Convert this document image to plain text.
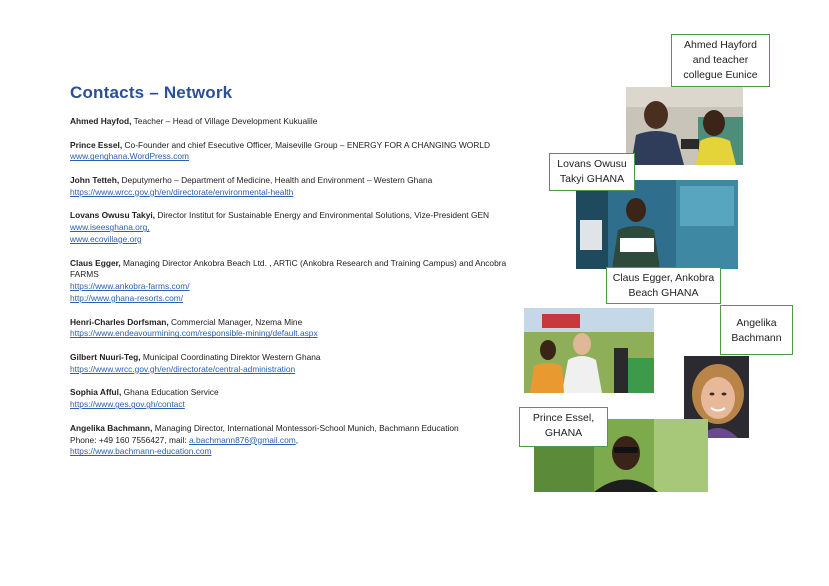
Contacts – Network
Ahmed Hayfod, Teacher – Head of Village Development Kukualile
Prince Essel, Co-Founder and chief Esecutive Officer, Maiseville Group – ENERGY FOR A CHANGING WORLD
www.genghana.WordPress.com
John Tetteh, Deputymerho – Department of Medicine, Health and Environment – Western Ghana
https://www.wrcc.gov.gh/en/directorate/environmental-health
Lovans Owusu Takyi, Director Institut for Sustainable Energy and Environmental Solutions, Vize-President GEN
www.iseesghana.org,
www.ecovillage.org
Claus Egger, Managing Director Ankobra Beach Ltd. , ARTiC (Ankobra Research and Training Campus) and Ancobra FARMS
https://www.ankobra-farms.com/
http://www.ghana-resorts.com/
Henri-Charles Dorfsman, Commercial Manager, Nzema Mine
https://www.endeavourmining.com/responsible-mining/default.aspx
Gilbert Nuuri-Teg, Municipal Coordinating Direktor Western Ghana
https://www.wrcc.gov.gh/en/directorate/central-administration
Sophia Afful, Ghana Education Service
https://www.ges.gov.gh/contact
Angelika Bachmann, Managing Director, International Montessori-School Munich, Bachmann Education
Phone: +49 160 7556427, mail: a.bachmann876@gmail.com,
https://www.bachmann-education.com
Ahmed Hayford and teacher collegue Eunice
Lovans Owusu Takyi GHANA
Claus Egger, Ankobra Beach GHANA
Angelika Bachmann
Prince Essel, GHANA
